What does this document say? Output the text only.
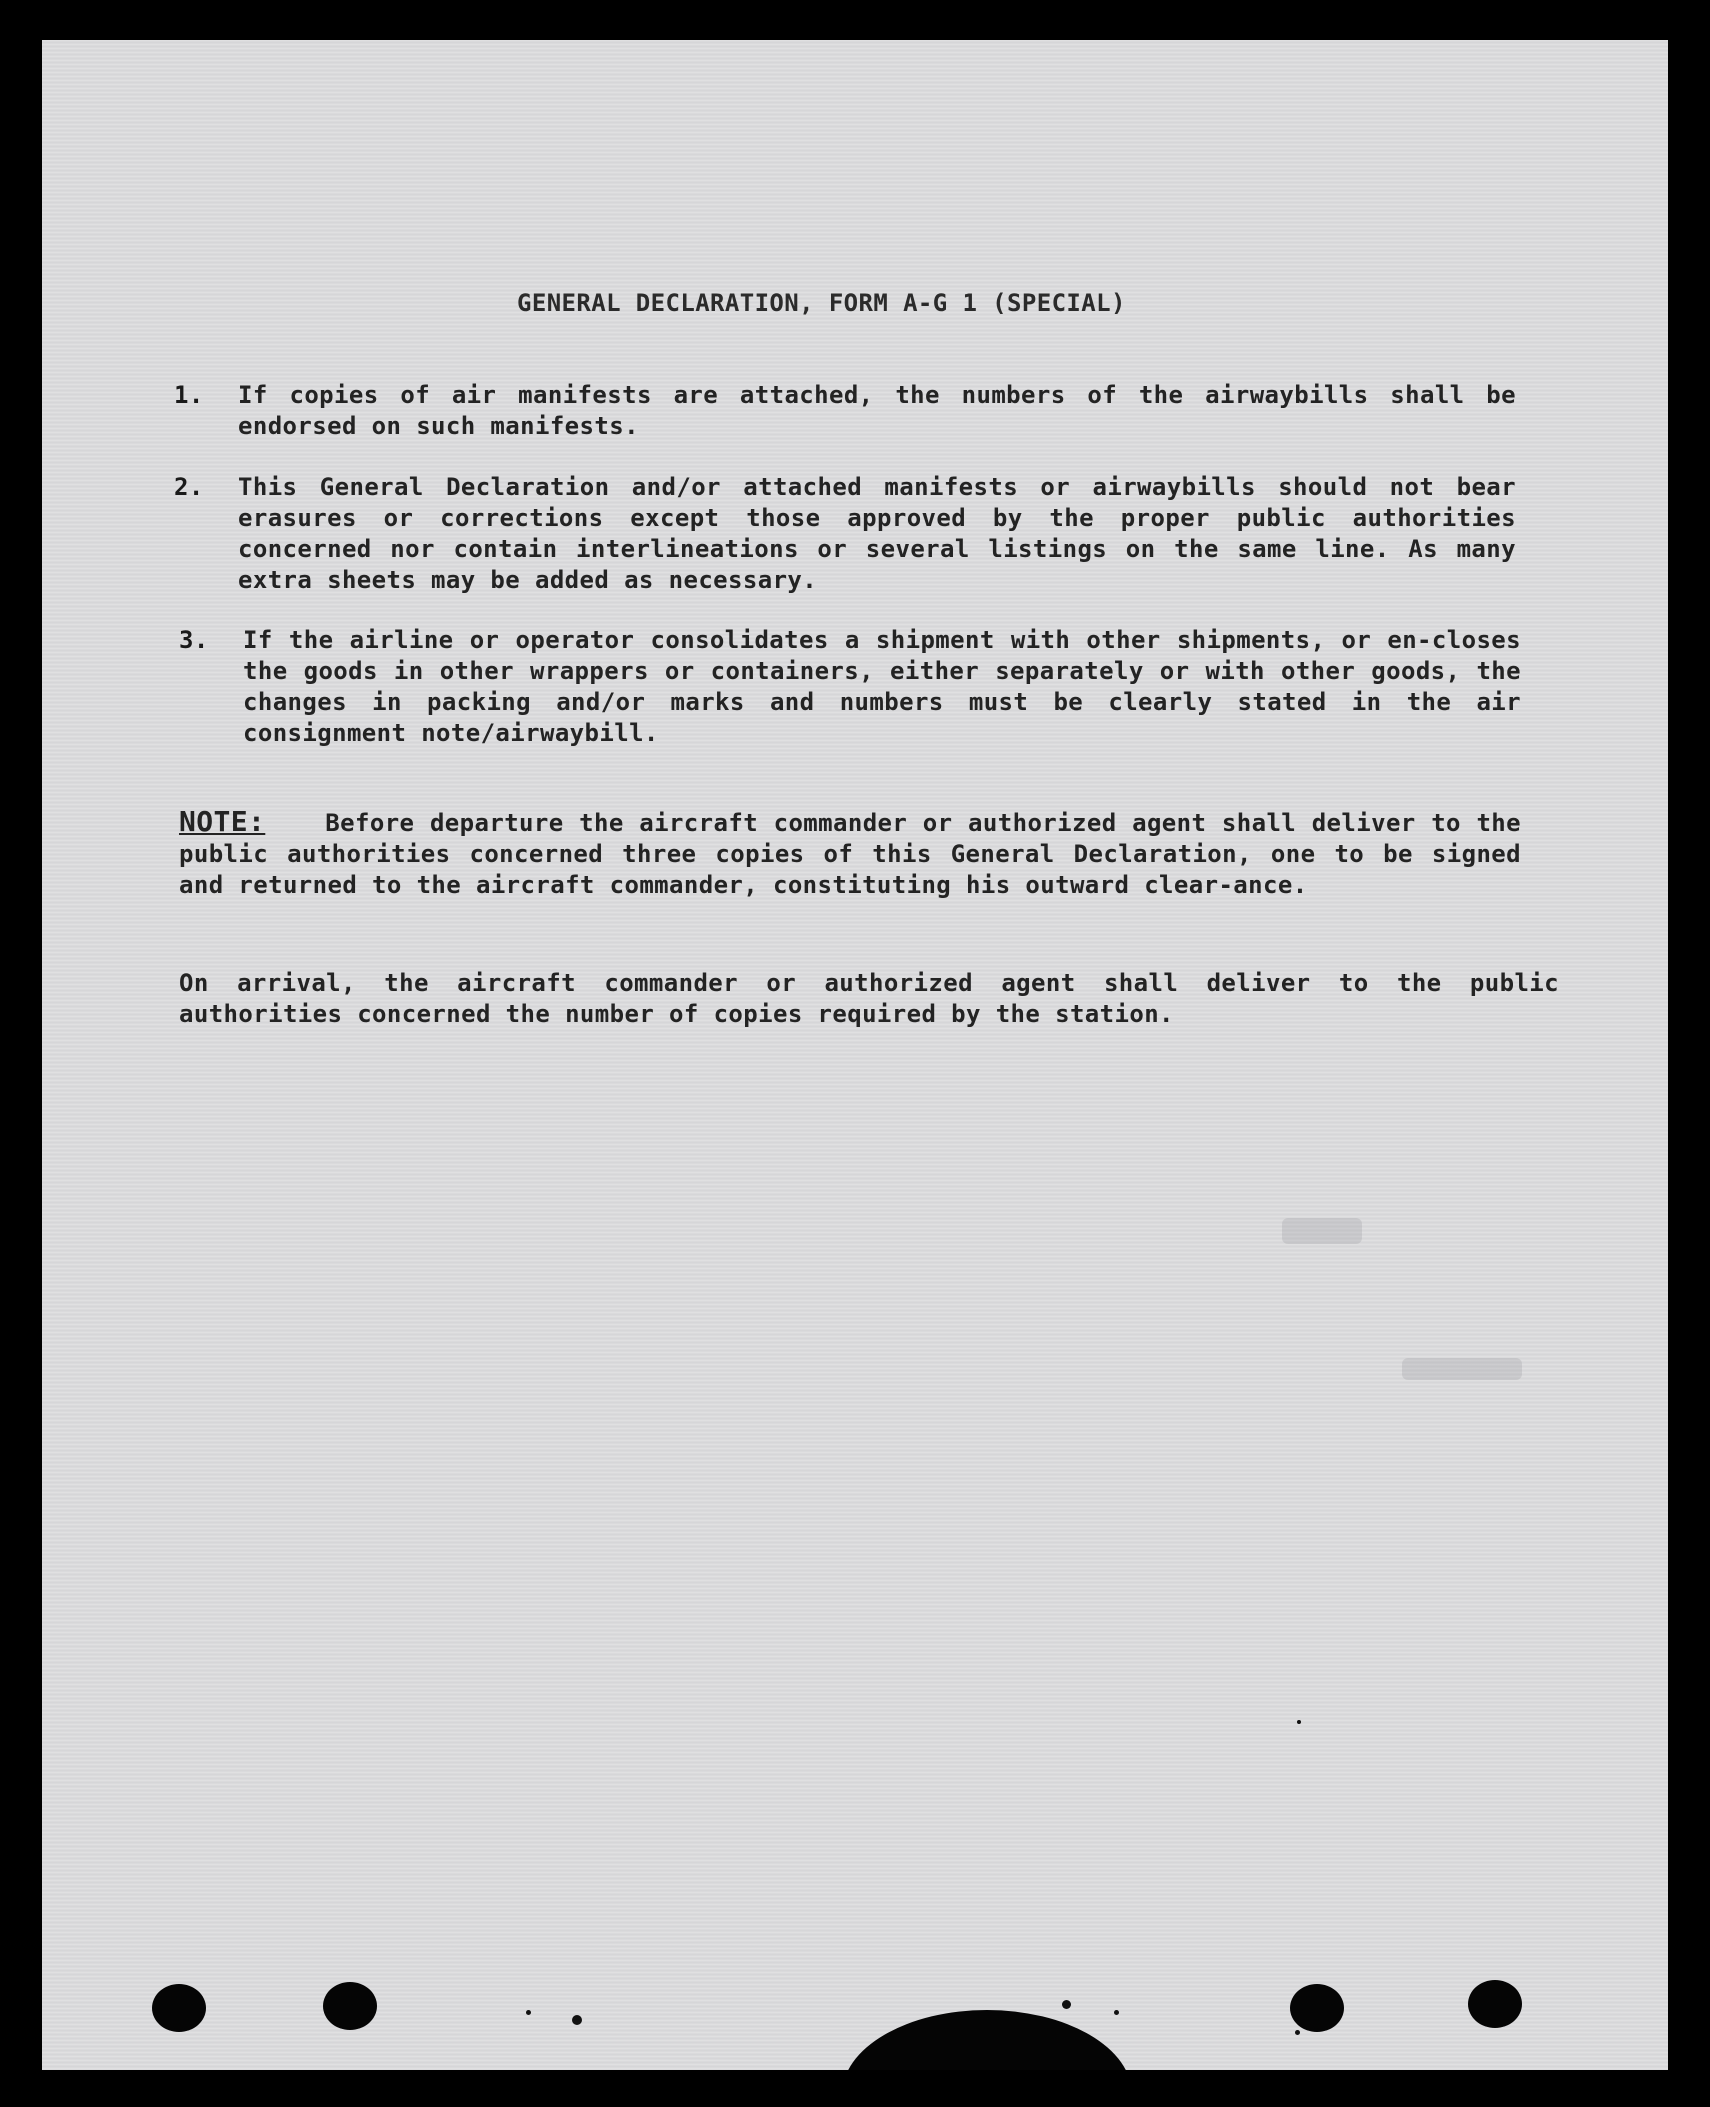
GENERAL DECLARATION, FORM A-G 1 (SPECIAL)
1.	If copies of air manifests are attached, the numbers of the airwaybills shall be endorsed on such manifests.
2.	This General Declaration and/or attached manifests or airwaybills should not bear erasures or corrections except those approved by the proper public authorities concerned nor contain interlineations or several listings on the same line. As many extra sheets may be added as necessary.
3.	If the airline or operator consolidates a shipment with other shipments, or en-closes the goods in other wrappers or containers, either separately or with other goods, the changes in packing and/or marks and numbers must be clearly stated in the air consignment note/airwaybill.
NOTE:	Before departure the aircraft commander or authorized agent shall deliver to the public authorities concerned three copies of this General Declaration, one to be signed and returned to the aircraft commander, constituting his outward clear-ance.
On arrival, the aircraft commander or authorized agent shall deliver to the public authorities concerned the number of copies required by the station.
